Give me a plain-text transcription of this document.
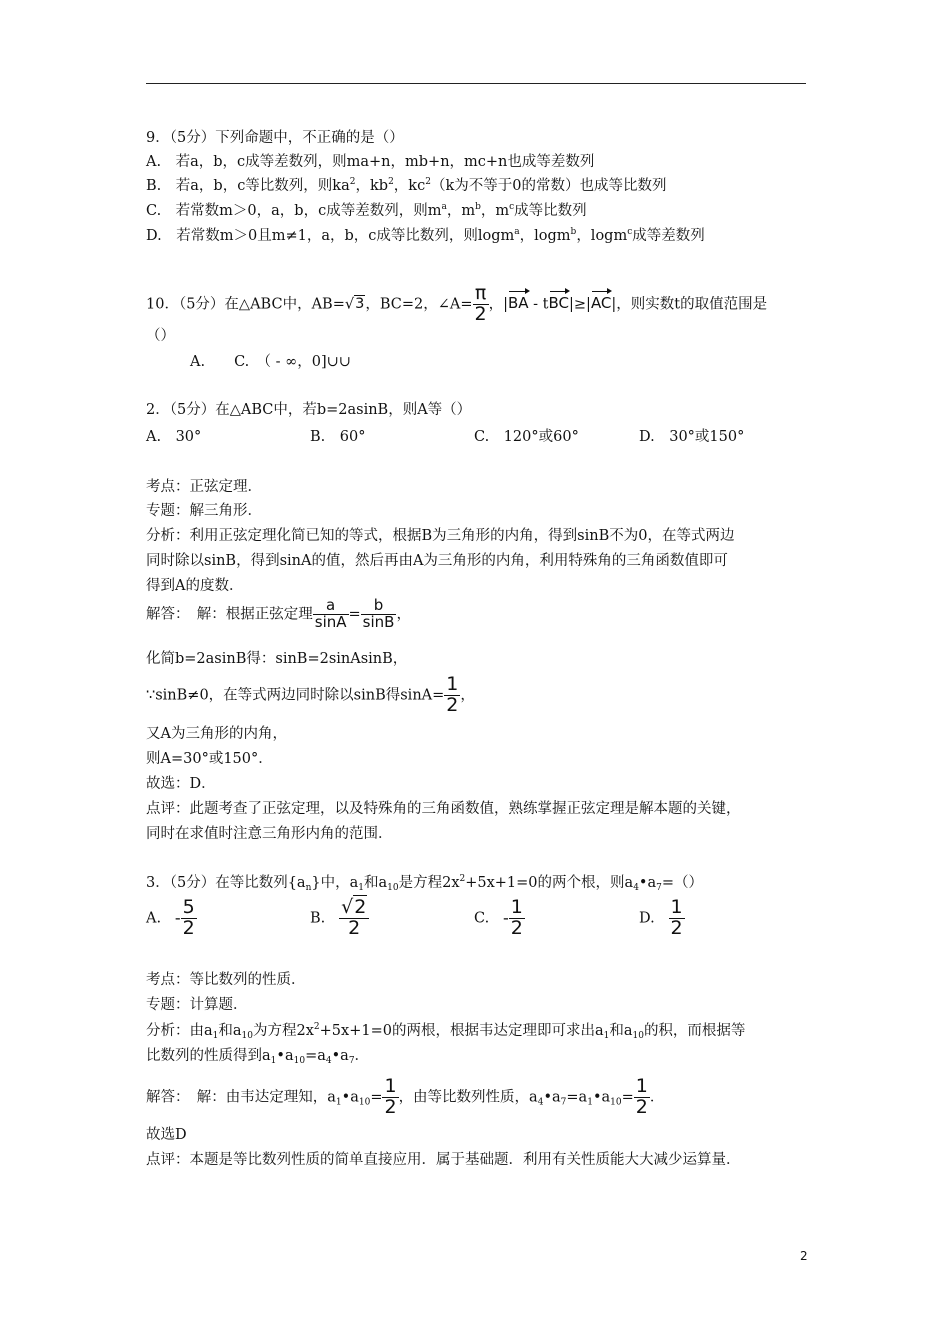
9．（5分）下列命题中，不正确的是（）
A.　若a，b，c成等差数列，则ma+n，mb+n，mc+n也成等差数列
B.　若a，b，c等比数列，则$ka^2$，$kb^2$，$kc^2(k$为不等于0的常数）也成等比数列
C.　若常数m＞0，a，b，c成等差数列，则$m^a$，$m^b$，$m^c$成等比数列
D.　若常数m＞0且m≠1，a，b，c成等比数列，则logm$^a$，logm$^b$，logm$^c$成等差数列
10．（5分）在△ABC中，AB=√3，BC=2，∠A= $\frac{\pi}{2}$ ，|BA - tBC|≥|AC|，则实数t的取值范围是
（）
A.　　C.　（ - ∞，0]∪∪
2．（5分）在△ABC中，若b=2asinB，则A等（）
A.　30°	B.　60°	C.　120°或60°	D.　30°或150°
考点：正弦定理．
专题：解三角形．
分析：利用正弦定理化简已知的等式，根据B为三角形的内角，得到sinB不为0，在等式两边
同时除以sinB，得到sinA的值，然后再由A为三角形的内角，利用特殊角的三角函数值即可
得到A的度数．
解答：　解：根据正弦定理 $\frac{a}{\sin A} = \frac{b}{\sin B}$ ，
化简b=2asinB得：sinB=2sinAsinB，
∵sinB≠0，在等式两边同时除以sinB得$\sin A= \frac{1}{2}$ ，
又A为三角形的内角，
则A=30°或150°．
故选：D．
点评：此题考查了正弦定理，以及特殊角的三角函数值，熟练掌握正弦定理是解本题的关键，
同时在求值时注意三角形内角的范围．
3．（5分）在等比数列$\{a_n\}$中，$a_1$和$a_{10}$是方程$2x^2+5x+1=0$的两个根，则$a_4•a_7=()$
A. - $\frac{5}{2}$	B. $\frac{√2}{2}$	C. - $\frac{1}{2}$	D. $\frac{1}{2}$
考点：等比数列的性质．
专题：计算题．
分析：由$a_1$和$a_{10}$为方程$2x^2+5x+1=0$的两根，根据韦达定理即可求出$a_1$和$a_{10}$的积，而根据等
比数列的性质得到$a_1•a_{10}=a_4•a_7$．
解答：　解：由韦达定理知，$a_1•a_{10}= \frac{1}{2}$ ，由等比数列性质，$a_4•a_7=a_1•a_{10}= \frac{1}{2}$ ．
故选D
点评：本题是等比数列性质的简单直接应用．属于基础题．利用有关性质能大大减少运算量．
2
